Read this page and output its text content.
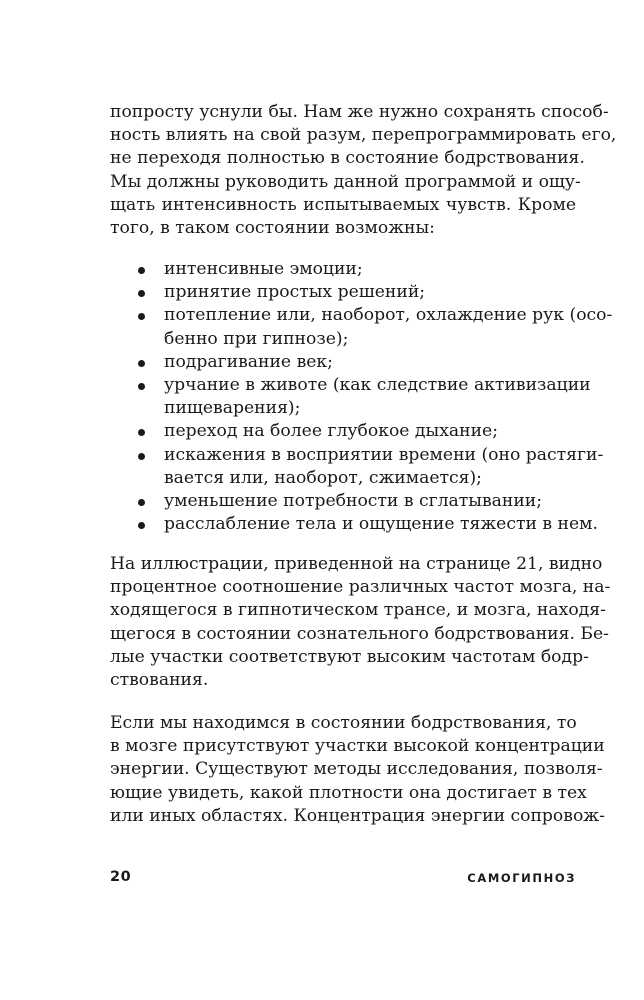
попросту уснули бы. Нам же нужно сохранять способ-
ность влиять на свой разум, перепрограммировать его,
не переходя полностью в состояние бодрствования.
Мы должны руководить данной программой и ощу-
щать интенсивность испытываемых чувств. Кроме
того, в таком состоянии возможны:
интенсивные эмоции;
принятие простых решений;
потепление или, наоборот, охлаждение рук (осо-
бенно при гипнозе);
подрагивание век;
урчание в животе (как следствие активизации
пищеварения);
переход на более глубокое дыхание;
искажения в восприятии времени (оно растяги-
вается или, наоборот, сжимается);
уменьшение потребности в сглатывании;
расслабление тела и ощущение тяжести в нем.
На иллюстрации, приведенной на странице 21, видно
процентное соотношение различных частот мозга, на-
ходящегося в гипнотическом трансе, и мозга, находя-
щегося в состоянии сознательного бодрствования. Бе-
лые участки соответствуют высоким частотам бодр-
ствования.
Если мы находимся в состоянии бодрствования, то
в мозге присутствуют участки высокой концентрации
энергии. Существуют методы исследования, позволя-
ющие увидеть, какой плотности она достигает в тех
или иных областях. Концентрация энергии сопровож-
20	САМОГИПНОЗ
